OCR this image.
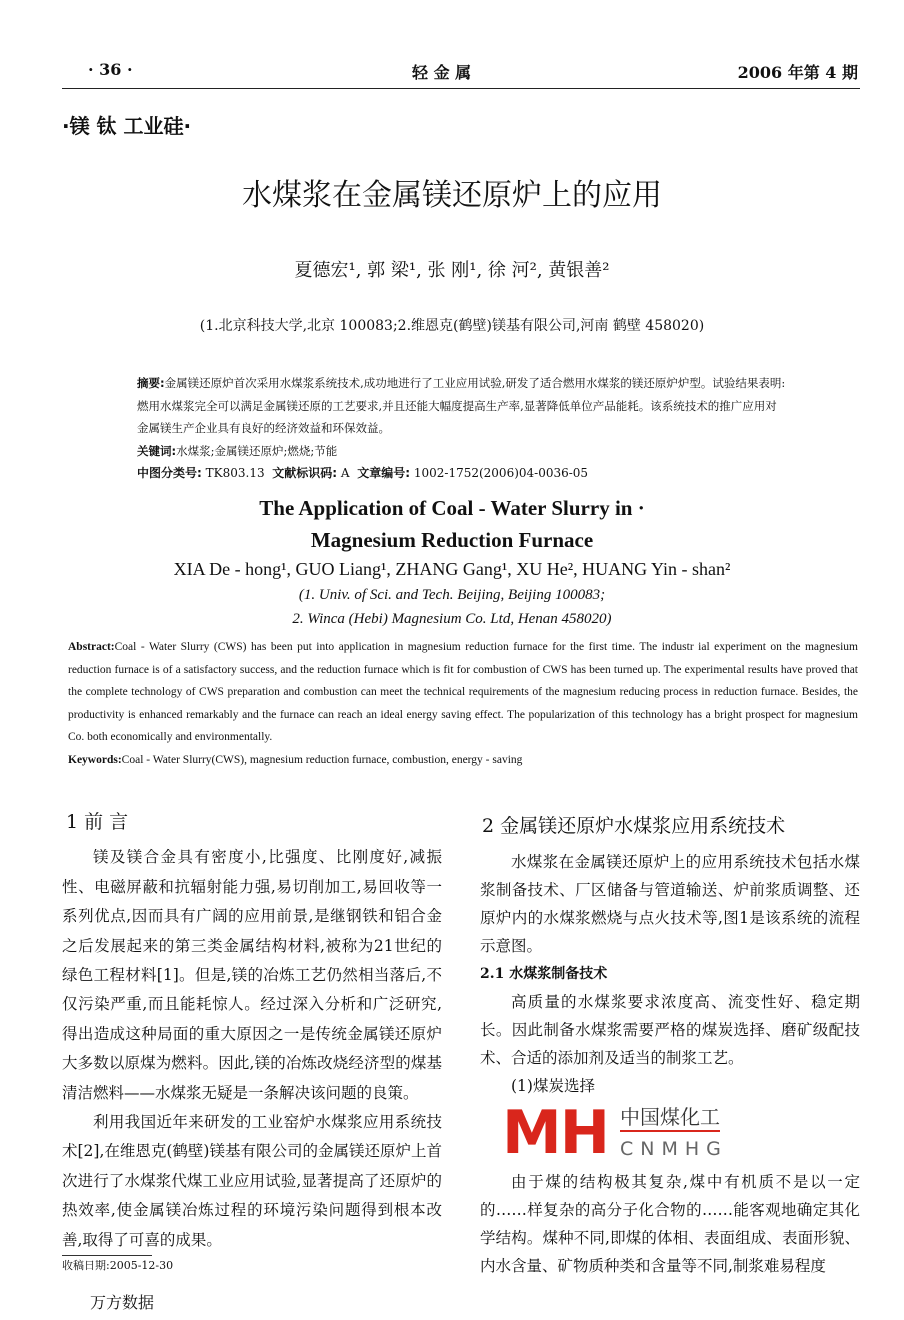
· 36 ·	轻 金 属	2006 年第 4 期
·镁 钛 工业硅·
水煤浆在金属镁还原炉上的应用
夏德宏¹, 郭 梁¹, 张 刚¹, 徐 河², 黄银善²
(1.北京科技大学,北京 100083;2.维恩克(鹤壁)镁基有限公司,河南 鹤壁 458020)
摘要:金属镁还原炉首次采用水煤浆系统技术,成功地进行了工业应用试验,研发了适合燃用水煤浆的镁还原炉炉型。试验结果表明:燃用水煤浆完全可以满足金属镁还原的工艺要求,并且还能大幅度提高生产率,显著降低单位产品能耗。该系统技术的推广应用对金属镁生产企业具有良好的经济效益和环保效益。
关键词:水煤浆;金属镁还原炉;燃烧;节能
中图分类号: TK803.13 文献标识码: A 文章编号: 1002-1752(2006)04-0036-05
The Application of Coal - Water Slurry in ·
Magnesium Reduction Furnace
XIA De - hong¹, GUO Liang¹, ZHANG Gang¹, XU He², HUANG Yin - shan²
(1. Univ. of Sci. and Tech. Beijing, Beijing 100083;
2. Winca (Hebi) Magnesium Co. Ltd, Henan 458020)
Abstract:Coal - Water Slurry (CWS) has been put into application in magnesium reduction furnace for the first time. The industr ial experiment on the magnesium reduction furnace is of a satisfactory success, and the reduction furnace which is fit for combustion of CWS has been turned up. The experimental results have proved that the complete technology of CWS preparation and combustion can meet the technical requirements of the magnesium reducing process in reduction furnace. Besides, the productivity is enhanced remarkably and the furnace can reach an ideal energy saving effect. The popularization of this technology has a bright prospect for magnesium Co. both economically and environmentally.
Keywords:Coal - Water Slurry(CWS), magnesium reduction furnace, combustion, energy - saving
1 前 言

镁及镁合金具有密度小,比强度、比刚度好,减振性、电磁屏蔽和抗辐射能力强,易切削加工,易回收等一系列优点,因而具有广阔的应用前景,是继钢铁和铝合金之后发展起来的第三类金属结构材料,被称为21世纪的绿色工程材料[1]。但是,镁的冶炼工艺仍然相当落后,不仅污染严重,而且能耗惊人。经过深入分析和广泛研究,得出造成这种局面的重大原因之一是传统金属镁还原炉大多数以原煤为燃料。因此,镁的冶炼改烧经济型的煤基清洁燃料——水煤浆无疑是一条解决该问题的良策。

利用我国近年来研发的工业窑炉水煤浆应用系统技术[2],在维恩克(鹤壁)镁基有限公司的金属镁还原炉上首次进行了水煤浆代煤工业应用试验,显著提高了还原炉的热效率,使金属镁冶炼过程的环境污染问题得到根本改善,取得了可喜的成果。

收稿日期:2005-12-30
万方数据
2 金属镁还原炉水煤浆应用系统技术

水煤浆在金属镁还原炉上的应用系统技术包括水煤浆制备技术、厂区储备与管道输送、炉前浆质调整、还原炉内的水煤浆燃烧与点火技术等,图1是该系统的流程示意图。

2.1 水煤浆制备技术

高质量的水煤浆要求浓度高、流变性好、稳定期长。因此制备水煤浆需要严格的煤炭选择、磨矿级配技术、合适的添加剂及适当的制浆工艺。

(1)煤炭选择

MH 中国煤化工
CNMHG

由于煤的结构极其复杂,煤中有机质不是以一定的……样复杂的高分子化合物的……能客观地确定其化学结构。煤种不同,即煤的体相、表面组成、表面形貌、内水含量、矿物质种类和含量等不同,制浆难易程度
